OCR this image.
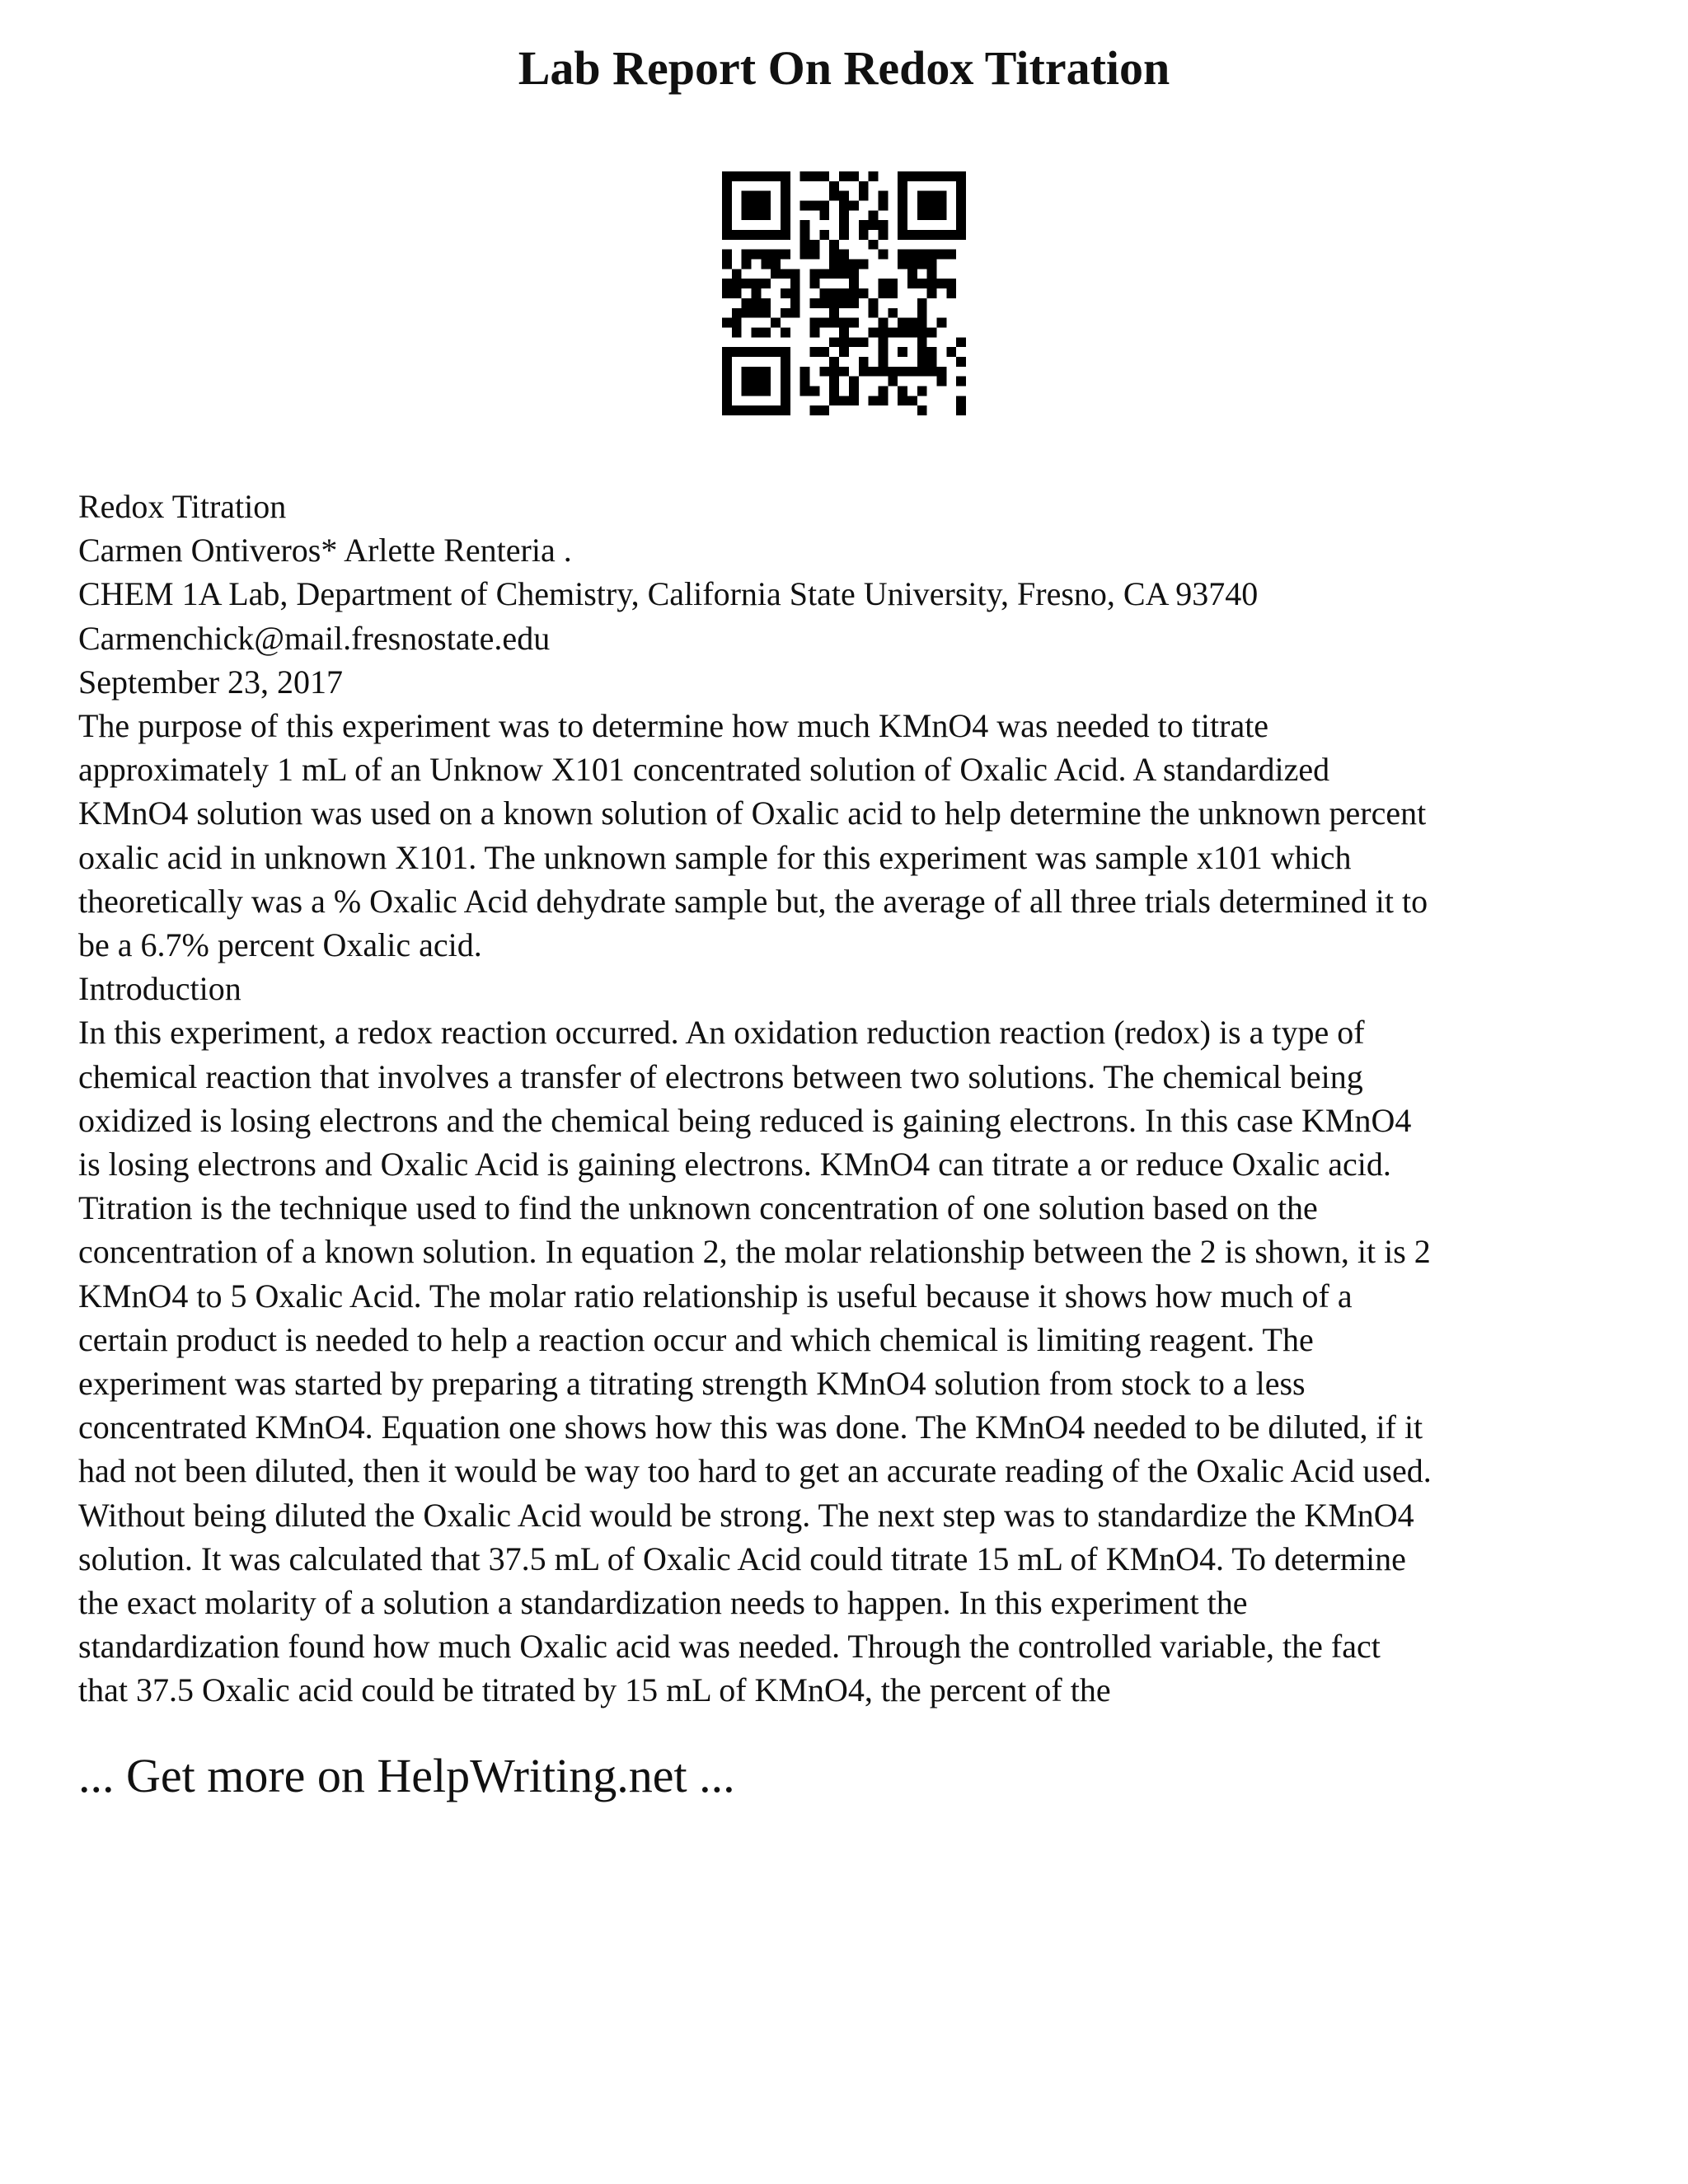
Lab Report On Redox Titration
Redox Titration
Carmen Ontiveros* Arlette Renteria .
CHEM 1A Lab, Department of Chemistry, California State University, Fresno, CA 93740
Carmenchick@mail.fresnostate.edu
September 23, 2017
The purpose of this experiment was to determine how much KMnO4 was needed to titrate
approximately 1 mL of an Unknow X101 concentrated solution of Oxalic Acid. A standardized
KMnO4 solution was used on a known solution of Oxalic acid to help determine the unknown percent
oxalic acid in unknown X101. The unknown sample for this experiment was sample x101 which
theoretically was a % Oxalic Acid dehydrate sample but, the average of all three trials determined it to
be a 6.7% percent Oxalic acid.
Introduction
In this experiment, a redox reaction occurred. An oxidation reduction reaction (redox) is a type of
chemical reaction that involves a transfer of electrons between two solutions. The chemical being
oxidized is losing electrons and the chemical being reduced is gaining electrons. In this case KMnO4
is losing electrons and Oxalic Acid is gaining electrons. KMnO4 can titrate a or reduce Oxalic acid.
Titration is the technique used to find the unknown concentration of one solution based on the
concentration of a known solution. In equation 2, the molar relationship between the 2 is shown, it is 2
KMnO4 to 5 Oxalic Acid. The molar ratio relationship is useful because it shows how much of a
certain product is needed to help a reaction occur and which chemical is limiting reagent. The
experiment was started by preparing a titrating strength KMnO4 solution from stock to a less
concentrated KMnO4. Equation one shows how this was done. The KMnO4 needed to be diluted, if it
had not been diluted, then it would be way too hard to get an accurate reading of the Oxalic Acid used.
Without being diluted the Oxalic Acid would be strong. The next step was to standardize the KMnO4
solution. It was calculated that 37.5 mL of Oxalic Acid could titrate 15 mL of KMnO4. To determine
the exact molarity of a solution a standardization needs to happen. In this experiment the
standardization found how much Oxalic acid was needed. Through the controlled variable, the fact
that 37.5 Oxalic acid could be titrated by 15 mL of KMnO4, the percent of the
... Get more on HelpWriting.net ...
